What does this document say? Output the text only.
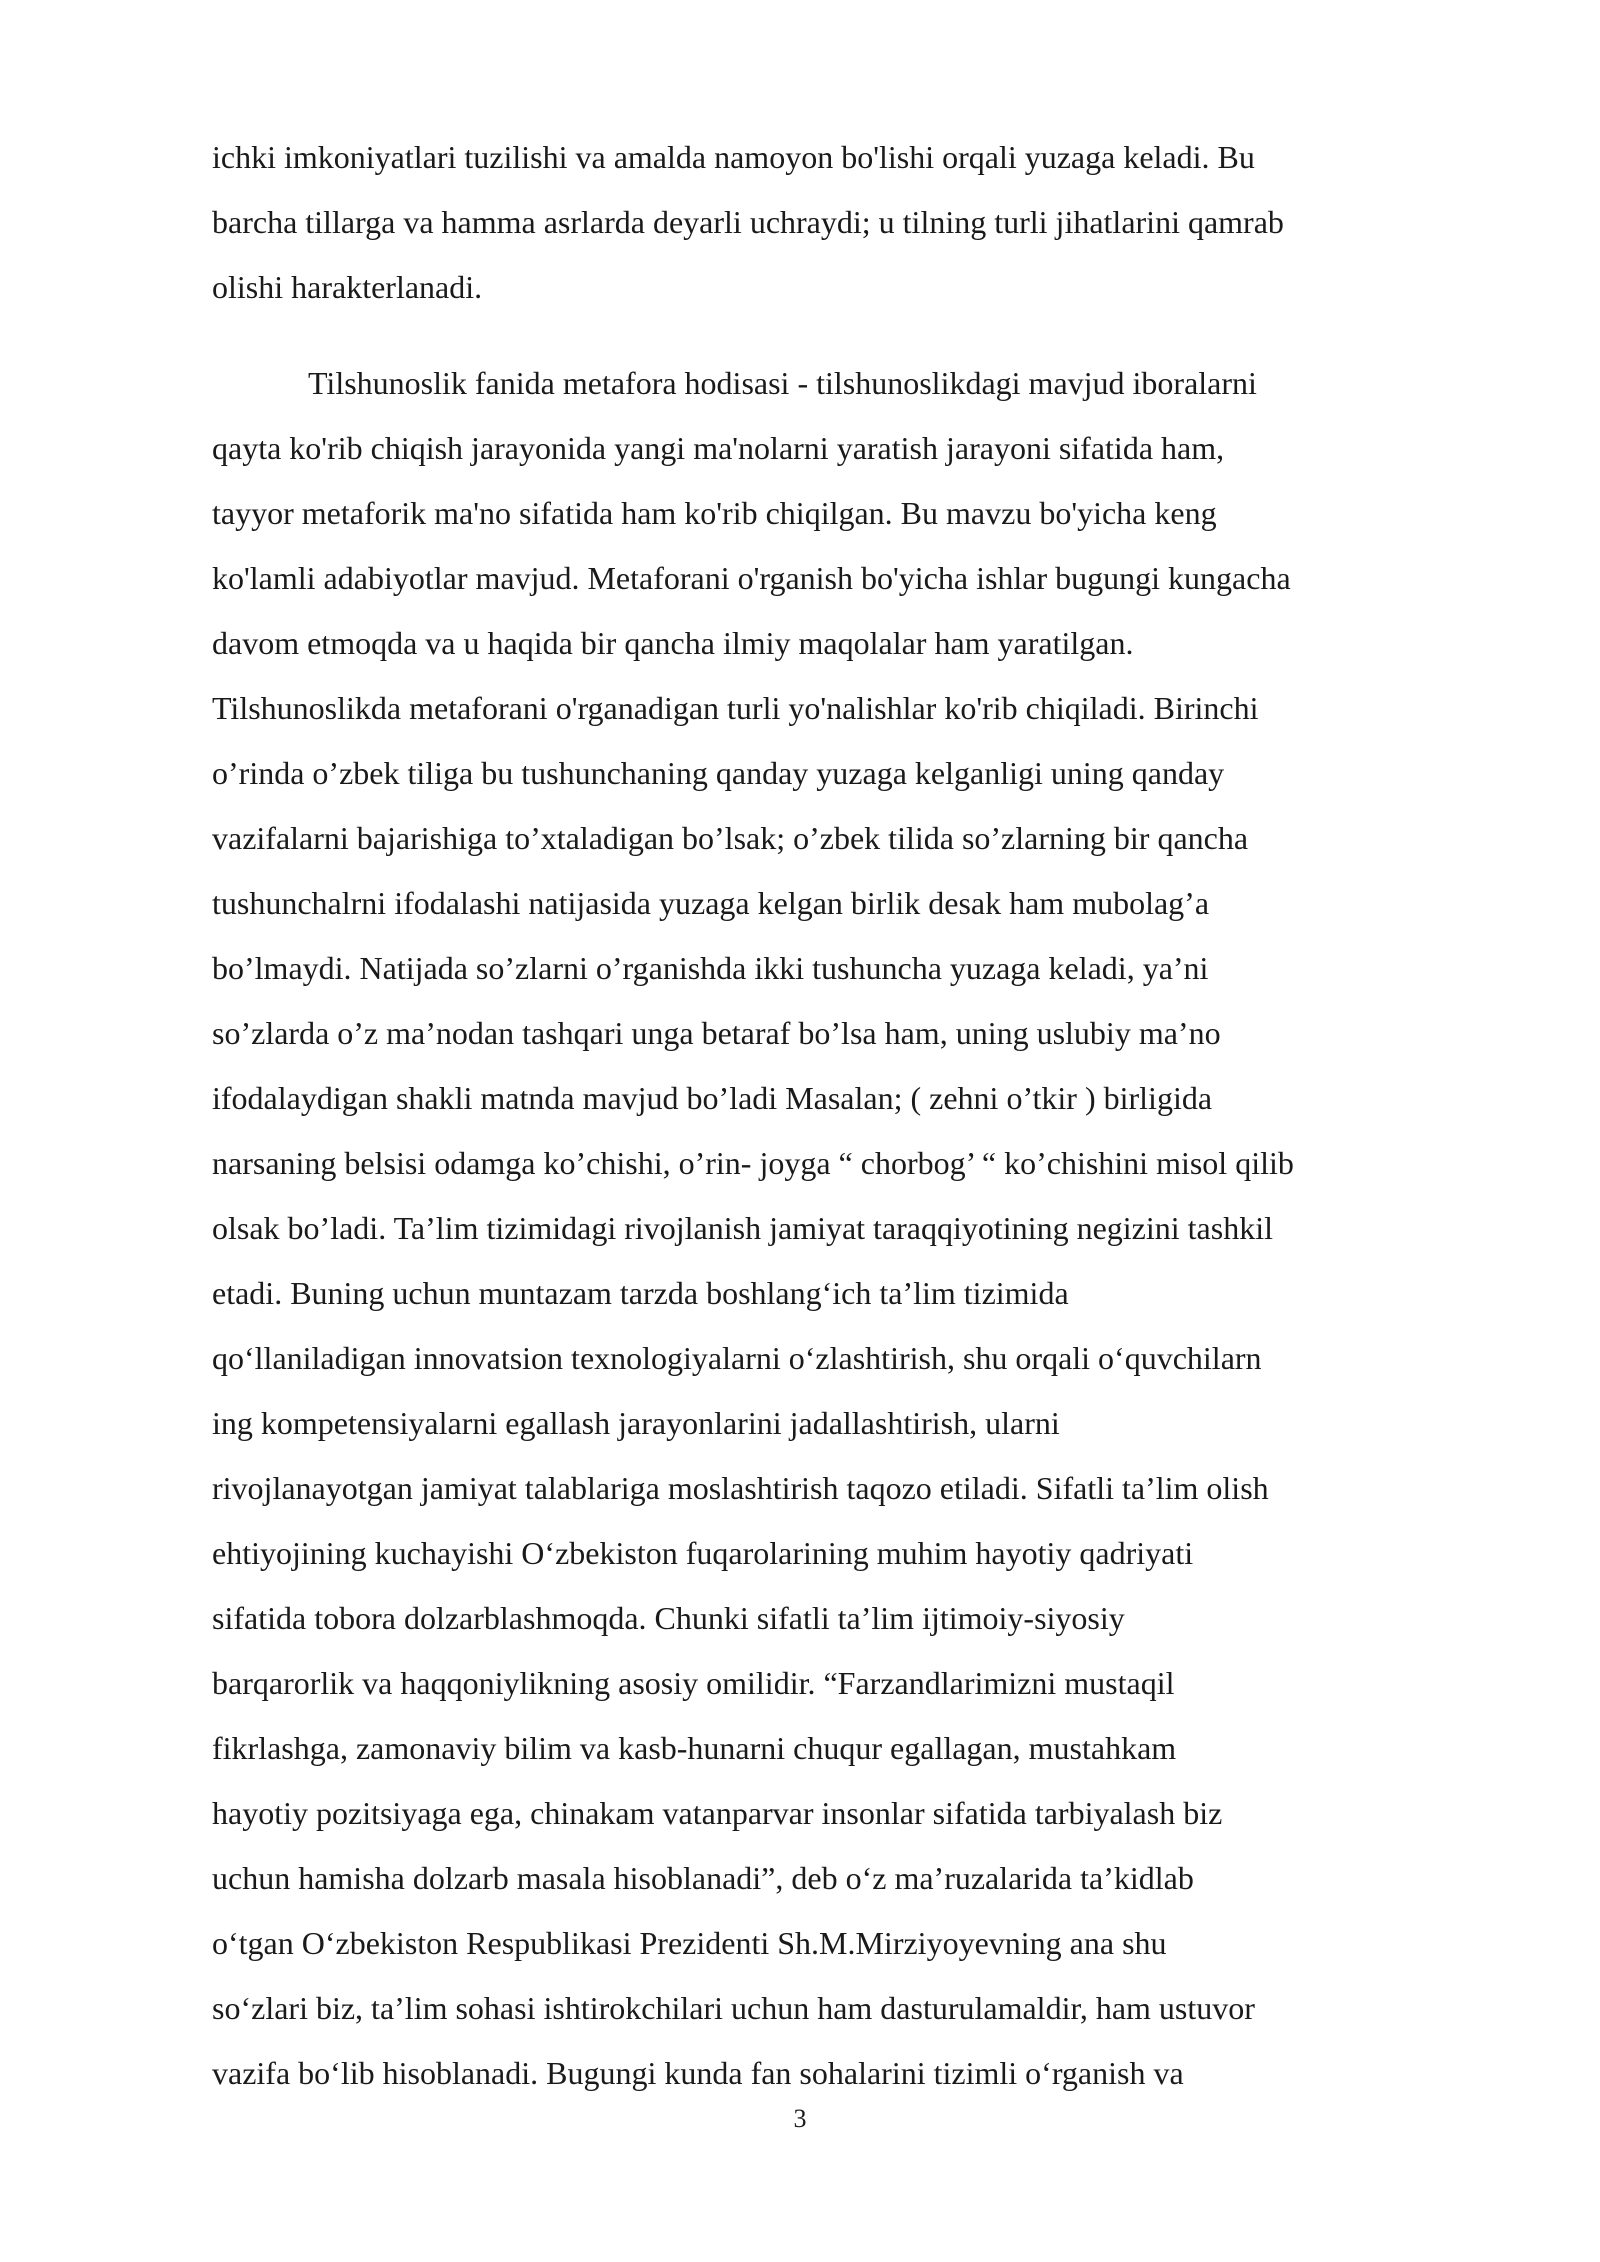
ichki imkoniyatlari tuzilishi va amalda namoyon bo'lishi orqali yuzaga keladi. Bu
barcha tillarga va hamma asrlarda deyarli uchraydi; u tilning turli jihatlarini qamrab
olishi harakterlanadi.
Tilshunoslik fanida metafora hodisasi - tilshunoslikdagi mavjud iboralarni
qayta ko'rib chiqish jarayonida yangi ma'nolarni yaratish jarayoni sifatida ham,
tayyor metaforik ma'no sifatida ham ko'rib chiqilgan. Bu mavzu bo'yicha keng
ko'lamli adabiyotlar mavjud. Metaforani o'rganish bo'yicha ishlar bugungi kungacha
davom etmoqda va u haqida bir qancha ilmiy maqolalar ham yaratilgan.
Tilshunoslikda metaforani o'rganadigan turli yo'nalishlar ko'rib chiqiladi. Birinchi
o’rinda o’zbek tiliga bu tushunchaning qanday yuzaga kelganligi uning qanday
vazifalarni bajarishiga to’xtaladigan bo’lsak; o’zbek tilida so’zlarning bir qancha
tushunchalrni ifodalashi natijasida yuzaga kelgan birlik desak ham mubolag’a
bo’lmaydi. Natijada so’zlarni o’rganishda ikki tushuncha yuzaga keladi, ya’ni
so’zlarda o’z ma’nodan tashqari unga betaraf bo’lsa ham, uning uslubiy ma’no
ifodalaydigan shakli matnda mavjud bo’ladi Masalan; ( zehni o’tkir ) birligida
narsaning belsisi odamga ko’chishi, o’rin- joyga “ chorbog’ “ ko’chishini misol qilib
olsak bo’ladi. Ta’lim tizimidagi rivojlanish jamiyat taraqqiyotining negizini tashkil
etadi. Buning uchun muntazam tarzda boshlang‘ich ta’lim tizimida
qo‘llaniladigan innovatsion texnologiyalarni o‘zlashtirish, shu orqali o‘quvchilarn
ing kompetensiyalarni egallash jarayonlarini jadallashtirish, ularni
rivojlanayotgan jamiyat talablariga moslashtirish taqozo etiladi. Sifatli ta’lim olish
ehtiyojining kuchayishi O‘zbekiston fuqarolarining muhim hayotiy qadriyati
sifatida tobora dolzarblashmoqda. Chunki sifatli ta’lim ijtimoiy-siyosiy
barqarorlik va haqqoniylikning asosiy omilidir. “Farzandlarimizni mustaqil
fikrlashga, zamonaviy bilim va kasb-hunarni chuqur egallagan, mustahkam
hayotiy pozitsiyaga ega, chinakam vatanparvar insonlar sifatida tarbiyalash biz
uchun hamisha dolzarb masala hisoblanadi”, deb o‘z ma’ruzalarida ta’kidlab
o‘tgan O‘zbekiston Respublikasi Prezidenti Sh.M.Mirziyoyevning ana shu
so‘zlari biz, ta’lim sohasi ishtirokchilari uchun ham dasturulamaldir, ham ustuvor
vazifa bo‘lib hisoblanadi. Bugungi kunda fan sohalarini tizimli o‘rganish va
3
